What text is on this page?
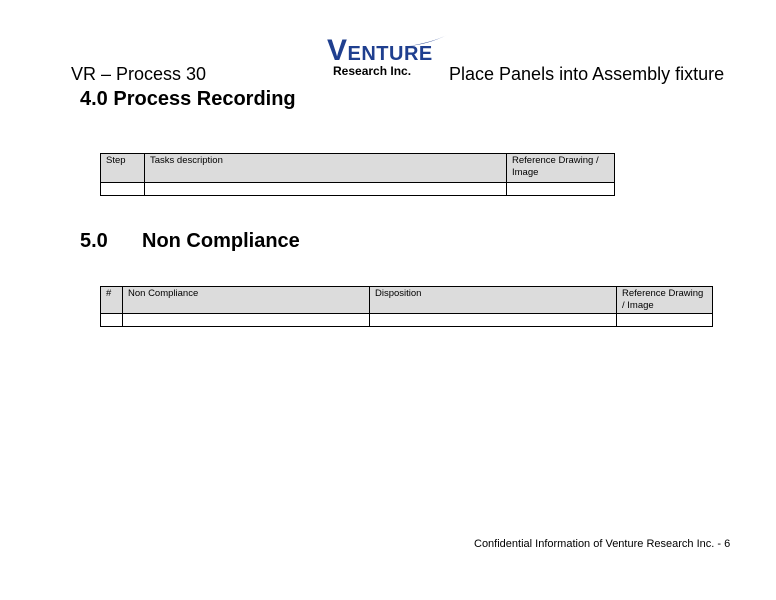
VR – Process 30
VENTURE
Research Inc. Place Panels into Assembly fixture
4.0 Process Recording
Step	Tasks description	Reference Drawing / Image

5.0 Non Compliance
#	Non Compliance	Disposition	Reference Drawing / Image

Confidential Information of Venture Research Inc. - 6
